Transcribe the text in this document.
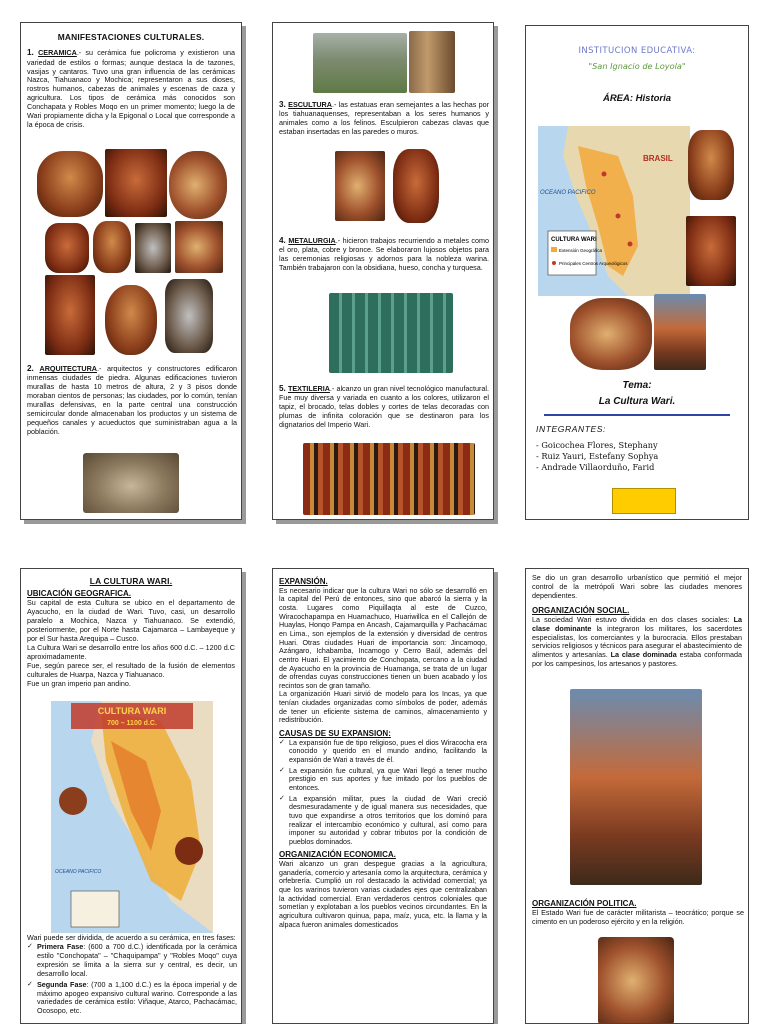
MANIFESTACIONES CULTURALES.
1. CERAMICA.- su cerámica fue policroma y existieron una variedad de estilos o formas; aunque destaca la de tazones, vasijas y cantaros. Tuvo una gran influencia de las cerámicas Nazca, Tiahuanaco y Mochica; representaron a sus dioses, rostros humanos, cabezas de animales y escenas de caza y agricultura. Los tipos de cerámica más conocidos son Conchapata y Robles Moqo en un primer momento; luego la de Wari propiamente dicha y la Epigonal o Local que corresponde a la época de crisis.
2. ARQUITECTURA.- arquitectos y constructores edificaron inmensas ciudades de piedra. Algunas edificaciones tuvieron murallas de hasta 10 metros de altura, 2 y 3 pisos donde moraban cientos de personas; las ciudades, por lo común, tenían murallas defensivas, en la parte central una construcción semicircular donde almacenaban los productos y un sistema de pequeños canales y acueductos que suministraban agua a la población.
3. ESCULTURA.- las estatuas eran semejantes a las hechas por los tiahuanaquenses, representaban a los seres humanos y animales como a los felinos. Esculpieron cabezas clavas que estaban insertadas en las paredes o muros.
4. METALURGIA.- hicieron trabajos recurriendo a metales como el oro, plata, cobre y bronce. Se elaboraron lujosos objetos para las ceremonias religiosas y adornos para la nobleza warina. También trabajaron con la obsidiana, hueso, concha y turquesa.
5. TEXTILERIA.- alcanzo un gran nivel tecnológico manufactural. Fue muy diversa y variada en cuanto a los colores, utilizaron el tapiz, el brocado, telas dobles y cortes de telas decoradas con plumas de infinita coloración que se destinaron para los dignatarios del Imperio Wari.
INSTITUCION EDUCATIVA:
"San Ignacio de Loyola"
ÁREA: Historia
BRASIL
OCEANO PACIFICO
CULTURA WARI
Extensión Geográfica
Principales Centros Arqueológicos
Tema:
La Cultura Wari.
INTEGRANTES:
- Goicochea Flores, Stephany
- Ruiz Yauri, Estefany Sophya
- Andrade Villaorduño, Farid
LA CULTURA WARI.
UBICACIÓN GEOGRAFICA.
Su capital de esta Cultura se ubico en el departamento de Ayacucho, en la ciudad de Wari. Tuvo, casi, un desarrollo paralelo a Mochica, Nazca y Tiahuanaco. Se extendió, posteriormente, por el Norte hasta Cajamarca – Lambayeque y por el Sur hasta Arequipa – Cusco.
La Cultura Wari se desarrollo entre los años 600 d.C. – 1200 d.C aproximadamente.
Fue, según parece ser, el resultado de la fusión de elementos culturales de Huarpa, Nazca y Tiahuanaco.
Fue un gran imperio pan andino.
CULTURA WARI
700 – 1100 d.C.
OCEANO PACIFICO
Wari puede ser dividida, de acuerdo a su cerámica, en tres fases:
✓ Primera Fase: (600 a 700 d.C.) identificada por la cerámica estilo "Conchopata" – "Chaquipampa" y "Robles Moqo" cuya expresión se limita a la sierra sur y central, es decir, un desarrollo local.
✓ Segunda Fase: (700 a 1,100 d.C.) es la época imperial y de máximo apogeo expansivo cultural warino. Corresponde a las variedades de cerámica estilo: Viñaque, Atarco, Pachacámac, Ocosopo, etc.
EXPANSIÓN.
Es necesario indicar que la cultura Wari no sólo se desarrolló en la capital del Perú de entonces, sino que abarcó la sierra y la costa. Lugares como Piquillaqta al este de Cuzco, Wiracochapampa en Huamachuco, Huariwillca en el Callejón de Huaylas, Honqo Pampa en Ancash, Cajamarquilla y Pachacámac en Lima., son ejemplos de la extensión y diversidad de centros Huari. Otras ciudades Huari de importancia son: Jincamoqo, Azángaro, Ichabamba, Incamogo y Cerro Baúl, además del centro Huari. El yacimiento de Conchopata, cercano a la ciudad de Ayacucho en la provincia de Huamanga, se trata de un lugar de ofrendas cuyas construcciones tienen un buen acabado y los recintos son de gran tamaño.
La organización Huari sirvió de modelo para los Incas, ya que tenían ciudades organizadas como símbolos de poder, además de tener un eficiente sistema de caminos, almacenamiento y redistribución.
CAUSAS DE SU EXPANSION:
✓ La expansión fue de tipo religioso, pues el dios Wiracocha era conocido y querido en el mundo andino, facilitando la expansión de Wari a través de él.
✓ La expansión fue cultural, ya que Wari llegó a tener mucho prestigio en sus aportes y fue imitado por los pueblos de entonces.
✓ La expansión militar, pues la ciudad de Wari creció desmesuradamente y de igual manera sus necesidades, que tuvo que expandirse a otros territorios que los dominó para realizar el intercambio económico y cultural, así como para imponer su autoridad y cobrar tributos por la condición de pueblos dominados.
ORGANIZACIÓN ECONOMICA.
Wari alcanzo un gran despegue gracias a la agricultura, ganadería, comercio y artesanía como la arquitectura, cerámica y orfebrería. Cumplió un rol destacado la actividad comercial; ya que los warinos tuvieron varias ciudades ejes que centralizaban la actividad comercial. Eran verdaderos centros coloniales que sometían y explotaban a los pueblos vecinos circundantes. En la agricultura cultivaron quinua, papa, maíz, yuca, etc. la llama y la alpaca fueron animales domesticados
Se dio un gran desarrollo urbanístico que permitió el mejor control de la metrópoli Wari sobre las ciudades menores dependientes.
ORGANIZACIÓN SOCIAL.
La sociedad Wari estuvo dividida en dos clases sociales: La clase dominante la integraron los militares, los sacerdotes especialistas, los comerciantes y la burocracia. Ellos prestaban servicios religiosos y técnicos para asegurar el abastecimiento de alimentos y artesanías. La clase dominada estaba conformada por los campesinos, los artesanos y pastores.
ORGANIZACIÓN POLITICA.
El Estado Wari fue de carácter militarista – teocrático; porque se cimento en un poderoso ejército y en la religión.
